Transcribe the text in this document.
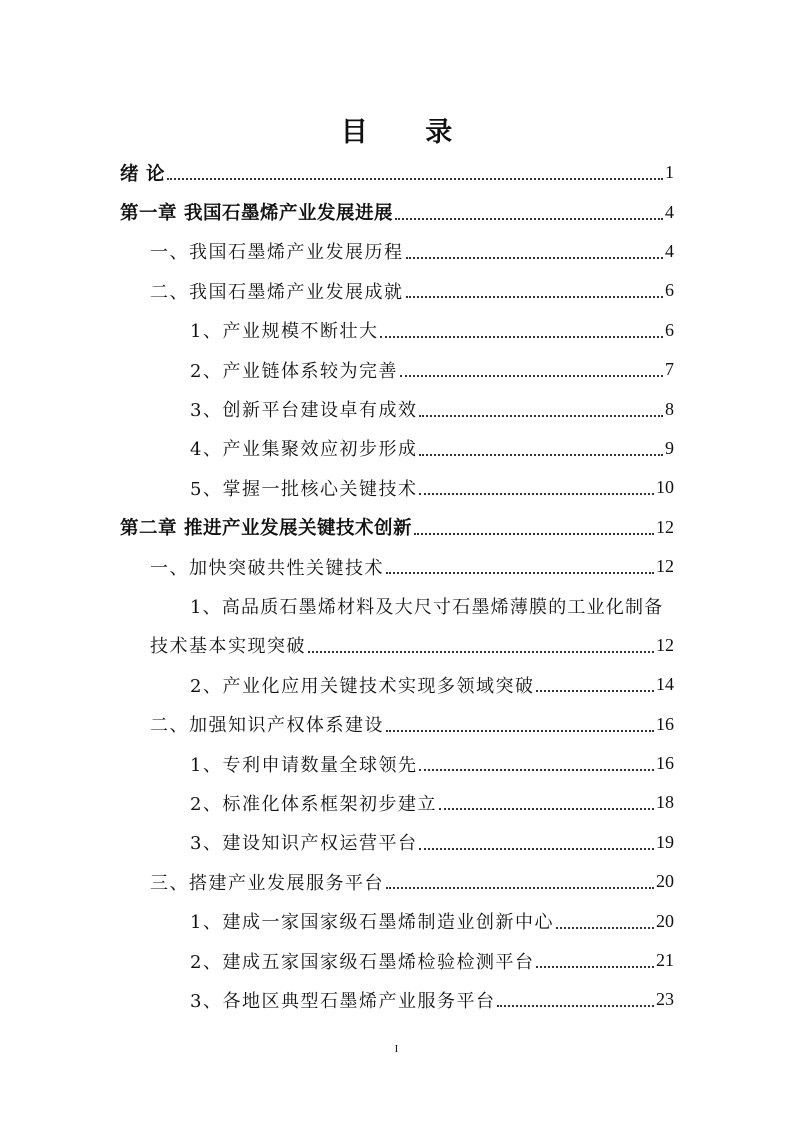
目 录
绪 论	1
第一章 我国石墨烯产业发展进展	4
一、我国石墨烯产业发展历程	4
二、我国石墨烯产业发展成就	6
1、产业规模不断壮大	6
2、产业链体系较为完善	7
3、创新平台建设卓有成效	8
4、产业集聚效应初步形成	9
5、掌握一批核心关键技术	10
第二章 推进产业发展关键技术创新	12
一、加快突破共性关键技术	12
1、高品质石墨烯材料及大尺寸石墨烯薄膜的工业化制备
技术基本实现突破	12
2、产业化应用关键技术实现多领域突破	14
二、加强知识产权体系建设	16
1、专利申请数量全球领先	16
2、标准化体系框架初步建立	18
3、建设知识产权运营平台	19
三、搭建产业发展服务平台	20
1、建成一家国家级石墨烯制造业创新中心	20
2、建成五家国家级石墨烯检验检测平台	21
3、各地区典型石墨烯产业服务平台	23
I
